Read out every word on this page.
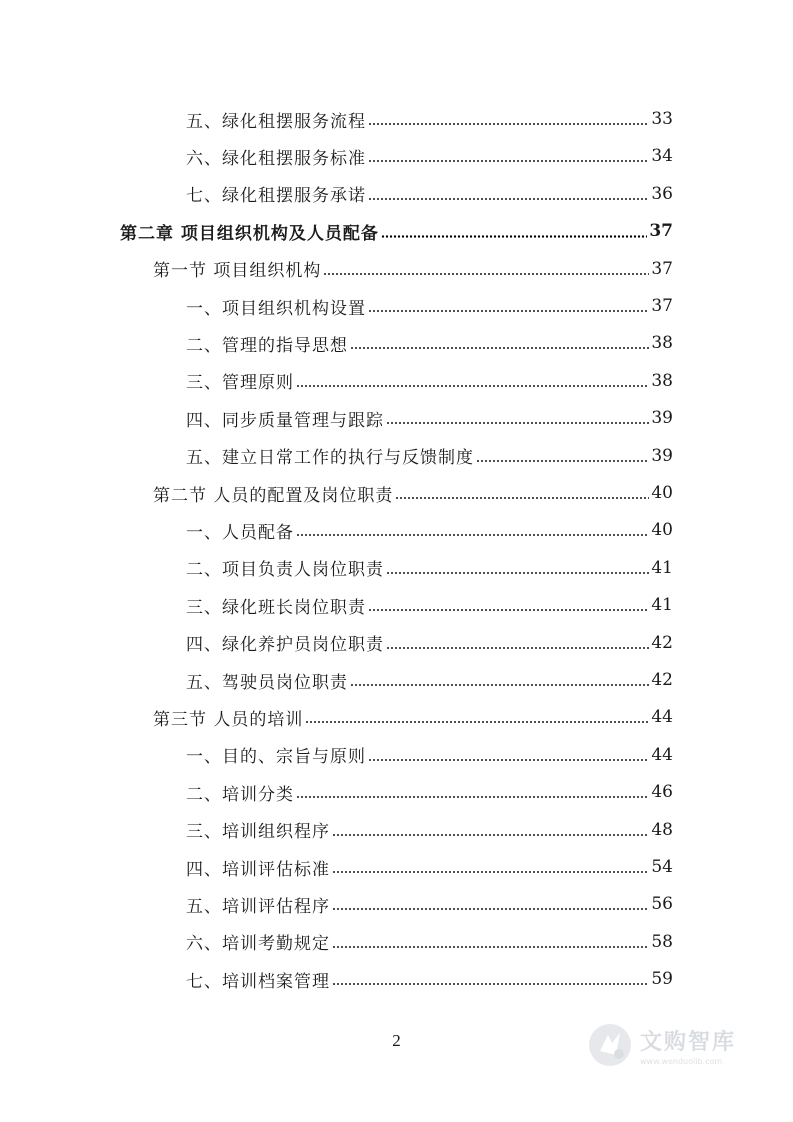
五、绿化租摆服务流程	33
六、绿化租摆服务标准	34
七、绿化租摆服务承诺	36
第二章 项目组织机构及人员配备	37
第一节 项目组织机构	37
一、项目组织机构设置	37
二、管理的指导思想	38
三、管理原则	38
四、同步质量管理与跟踪	39
五、建立日常工作的执行与反馈制度	39
第二节 人员的配置及岗位职责	40
一、人员配备	40
二、项目负责人岗位职责	41
三、绿化班长岗位职责	41
四、绿化养护员岗位职责	42
五、驾驶员岗位职责	42
第三节 人员的培训	44
一、目的、宗旨与原则	44
二、培训分类	46
三、培训组织程序	48
四、培训评估标准	54
五、培训评估程序	56
六、培训考勤规定	58
七、培训档案管理	59
2	文购智库
www.wenduolib.com
